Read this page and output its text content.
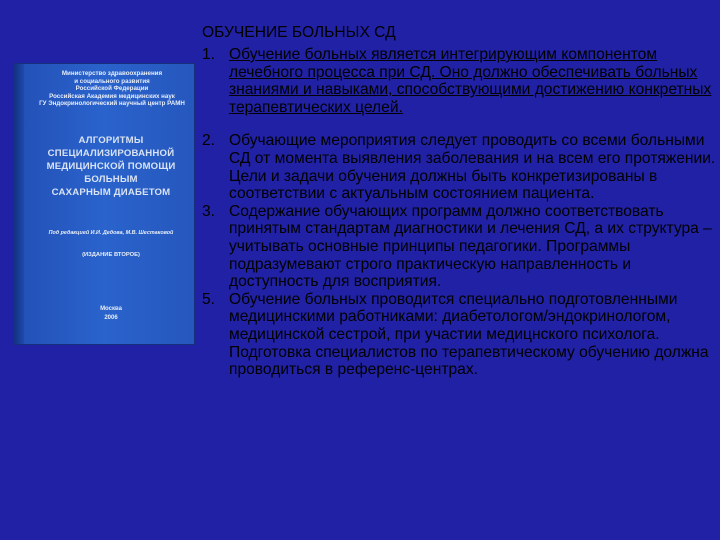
Министерство здравоохранения
и социального развития
Российской Федерации
Российская Академия медицинских наук
ГУ Эндокринологический научный центр РАМН
АЛГОРИТМЫ
СПЕЦИАЛИЗИРОВАННОЙ
МЕДИЦИНСКОЙ ПОМОЩИ
БОЛЬНЫМ
САХАРНЫМ ДИАБЕТОМ
Под редакцией И.И. Дедова, М.В. Шестаковой
(ИЗДАНИЕ ВТОРОЕ)
Москва
2006
ОБУЧЕНИЕ БОЛЬНЫХ СД
1. Обучение больных является интегрирующим компонентом лечебного процесса при СД. Оно должно обеспечивать больных знаниями и навыками, способствующими достижению конкретных терапевтических целей.
2. Обучающие мероприятия следует проводить со всеми больными СД от момента выявления заболевания и на всем его протяжении. Цели и задачи обучения должны быть конкретизированы в соответствии с актуальным состоянием пациента.
3. Содержание обучающих программ должно соответствовать принятым стандартам диагностики и лечения СД, а их структура – учитывать основные принципы педагогики. Программы подразумевают строго практическую направленность и доступность для восприятия.
5. Обучение больных проводится специально подготовленными медицинскими работниками: диабетологом/эндокринологом, медицинской сестрой, при участии медицнского психолога. Подготовка специалистов по терапевтическому обучению должна проводиться в референс-центрах.
